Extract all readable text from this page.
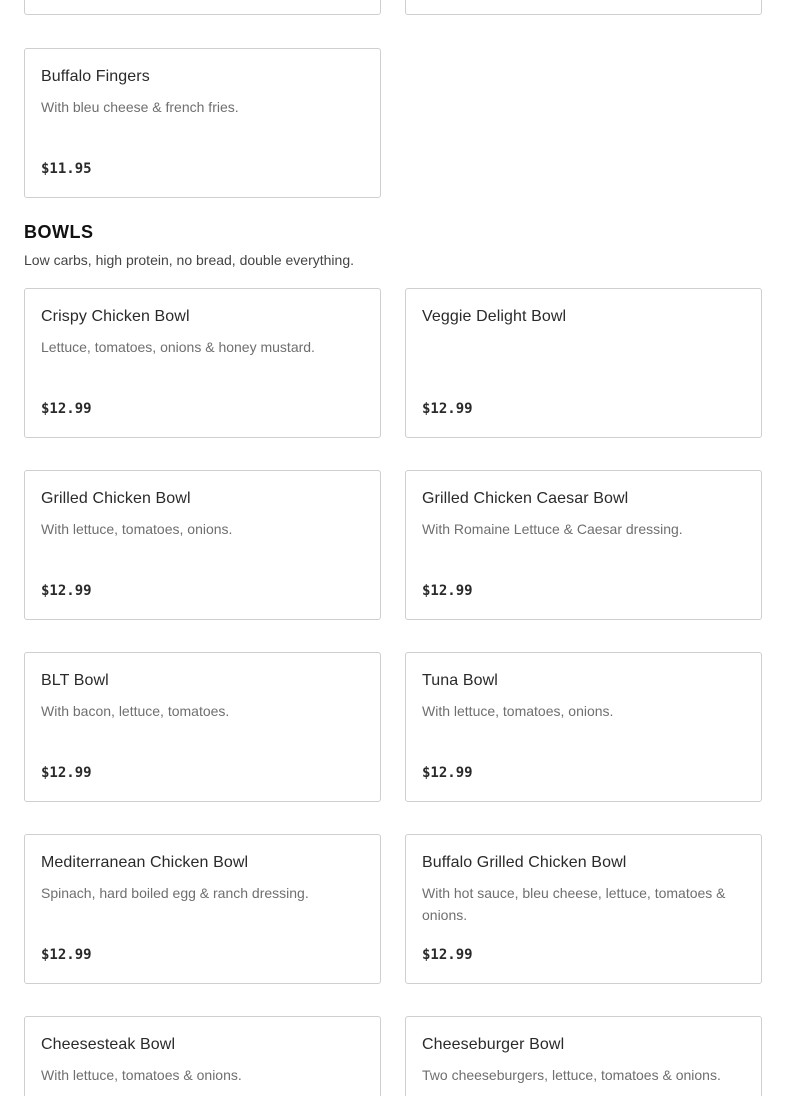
Buffalo Fingers
With bleu cheese & french fries.
$11.95
BOWLS
Low carbs, high protein, no bread, double everything.
Crispy Chicken Bowl
Lettuce, tomatoes, onions & honey mustard.
$12.99
Veggie Delight Bowl
$12.99
Grilled Chicken Bowl
With lettuce, tomatoes, onions.
$12.99
Grilled Chicken Caesar Bowl
With Romaine Lettuce & Caesar dressing.
$12.99
BLT Bowl
With bacon, lettuce, tomatoes.
$12.99
Tuna Bowl
With lettuce, tomatoes, onions.
$12.99
Mediterranean Chicken Bowl
Spinach, hard boiled egg & ranch dressing.
$12.99
Buffalo Grilled Chicken Bowl
With hot sauce, bleu cheese, lettuce, tomatoes & onions.
$12.99
Cheesesteak Bowl
With lettuce, tomatoes & onions.
Cheeseburger Bowl
Two cheeseburgers, lettuce, tomatoes & onions.
